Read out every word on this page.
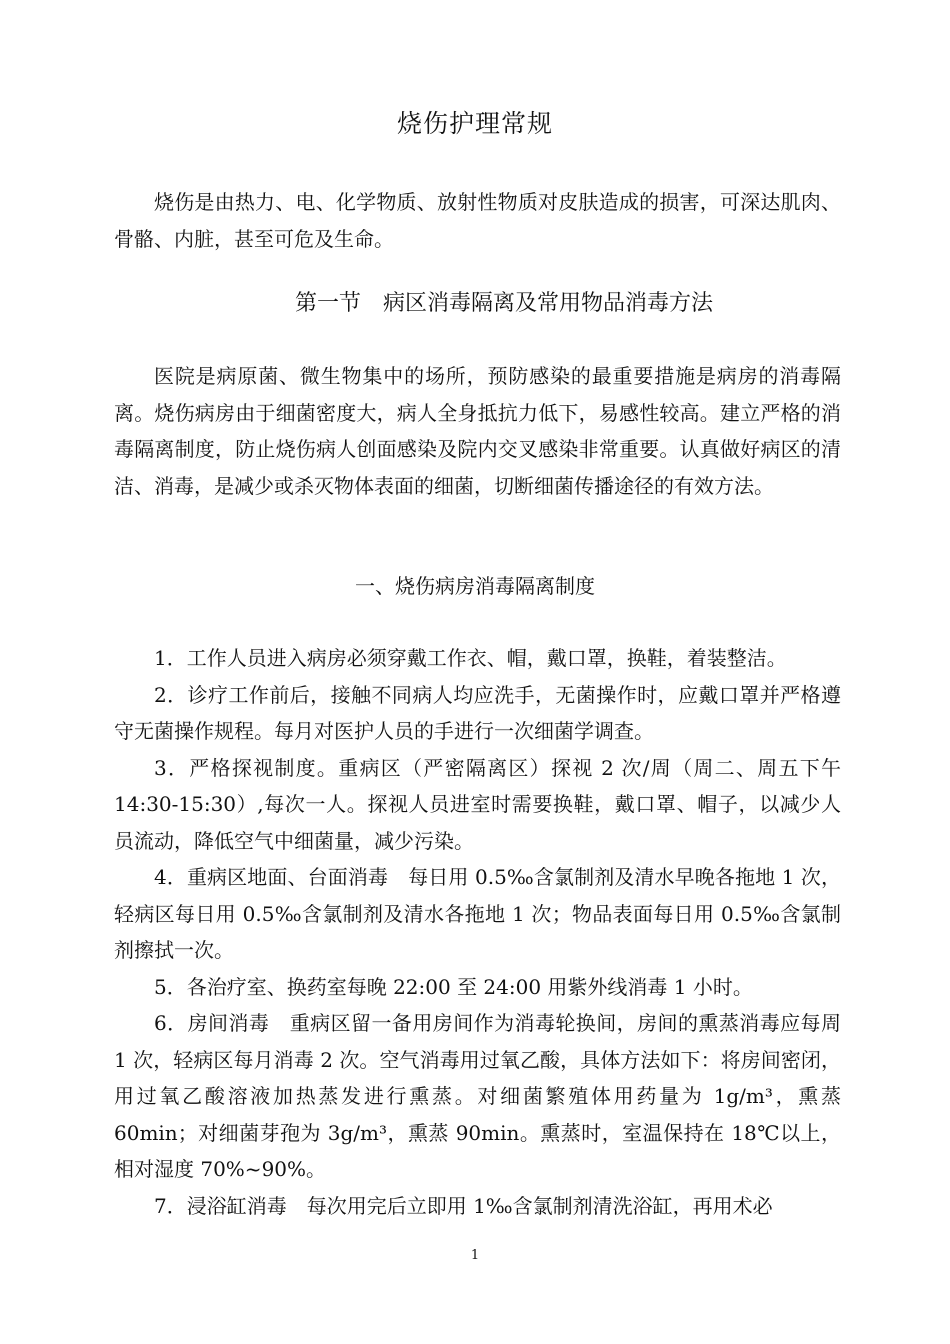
烧伤护理常规

烧伤是由热力、电、化学物质、放射性物质对皮肤造成的损害，可深达肌肉、骨骼、内脏，甚至可危及生命。

第一节　病区消毒隔离及常用物品消毒方法

医院是病原菌、微生物集中的场所，预防感染的最重要措施是病房的消毒隔离。烧伤病房由于细菌密度大，病人全身抵抗力低下，易感性较高。建立严格的消毒隔离制度，防止烧伤病人创面感染及院内交叉感染非常重要。认真做好病区的清洁、消毒，是减少或杀灭物体表面的细菌，切断细菌传播途径的有效方法。

一、烧伤病房消毒隔离制度

1．工作人员进入病房必须穿戴工作衣、帽，戴口罩，换鞋，着装整洁。

2．诊疗工作前后，接触不同病人均应洗手，无菌操作时，应戴口罩并严格遵守无菌操作规程。每月对医护人员的手进行一次细菌学调查。

3．严格探视制度。重病区（严密隔离区）探视 2 次/周（周二、周五下午 14:30-15:30）,每次一人。探视人员进室时需要换鞋，戴口罩、帽子，以减少人员流动，降低空气中细菌量，减少污染。

4．重病区地面、台面消毒　每日用 0.5‰含氯制剂及清水早晚各拖地 1 次，轻病区每日用 0.5‰含氯制剂及清水各拖地 1 次；物品表面每日用 0.5‰含氯制剂擦拭一次。

5．各治疗室、换药室每晚 22:00 至 24:00 用紫外线消毒 1 小时。

6．房间消毒　重病区留一备用房间作为消毒轮换间，房间的熏蒸消毒应每周 1 次，轻病区每月消毒 2 次。空气消毒用过氧乙酸，具体方法如下：将房间密闭，用过氧乙酸溶液加热蒸发进行熏蒸。对细菌繁殖体用药量为 1g/m³，熏蒸 60min；对细菌芽孢为 3g/m³，熏蒸 90min。熏蒸时，室温保持在 18℃以上，相对湿度 70%~90%。

7．浸浴缸消毒　每次用完后立即用 1‰含氯制剂清洗浴缸，再用术必

1
